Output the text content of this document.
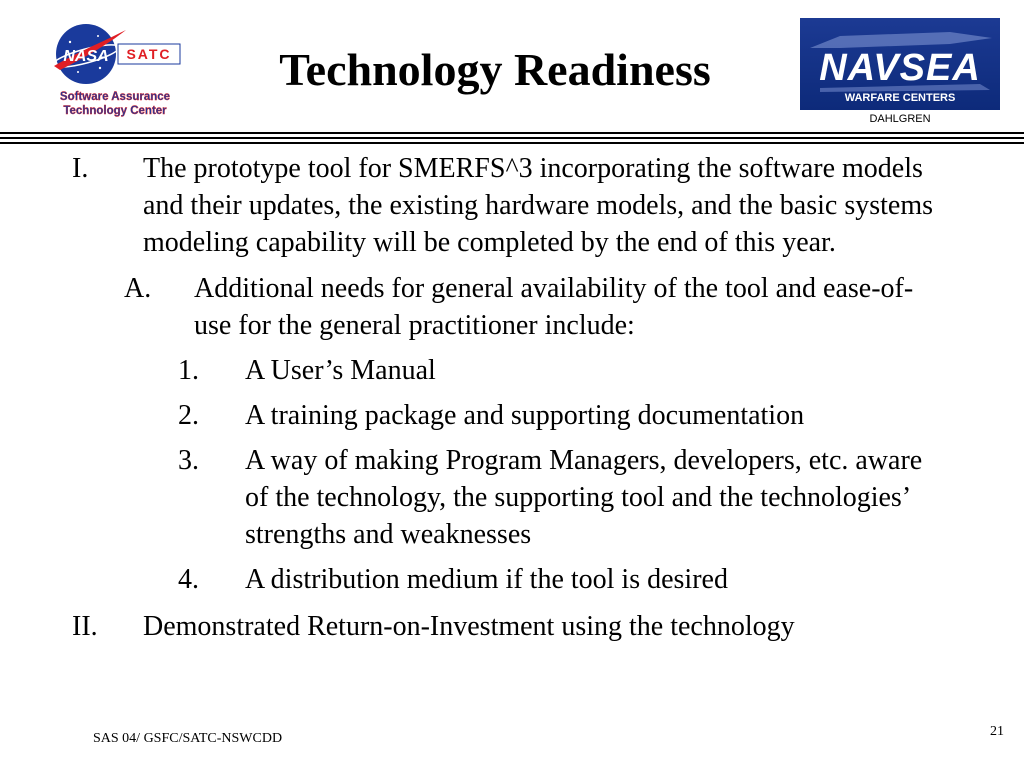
NASA SATC
Software Assurance
Technology Center
Technology Readiness	NAVSEA
WARFARE CENTERS
DAHLGREN
I. The prototype tool for SMERFS^3 incorporating the software models and their updates, the existing hardware models, and the basic systems modeling capability will be completed by the end of this year.
A. Additional needs for general availability of the tool and ease-of-use for the general practitioner include:
1. A User’s Manual
2. A training package and supporting documentation
3. A way of making Program Managers, developers, etc. aware of the technology, the supporting tool and the technologies’ strengths and weaknesses
4. A distribution medium if the tool is desired
II. Demonstrated Return-on-Investment using the technology
SAS 04/ GSFC/SATC-NSWCDD	21
